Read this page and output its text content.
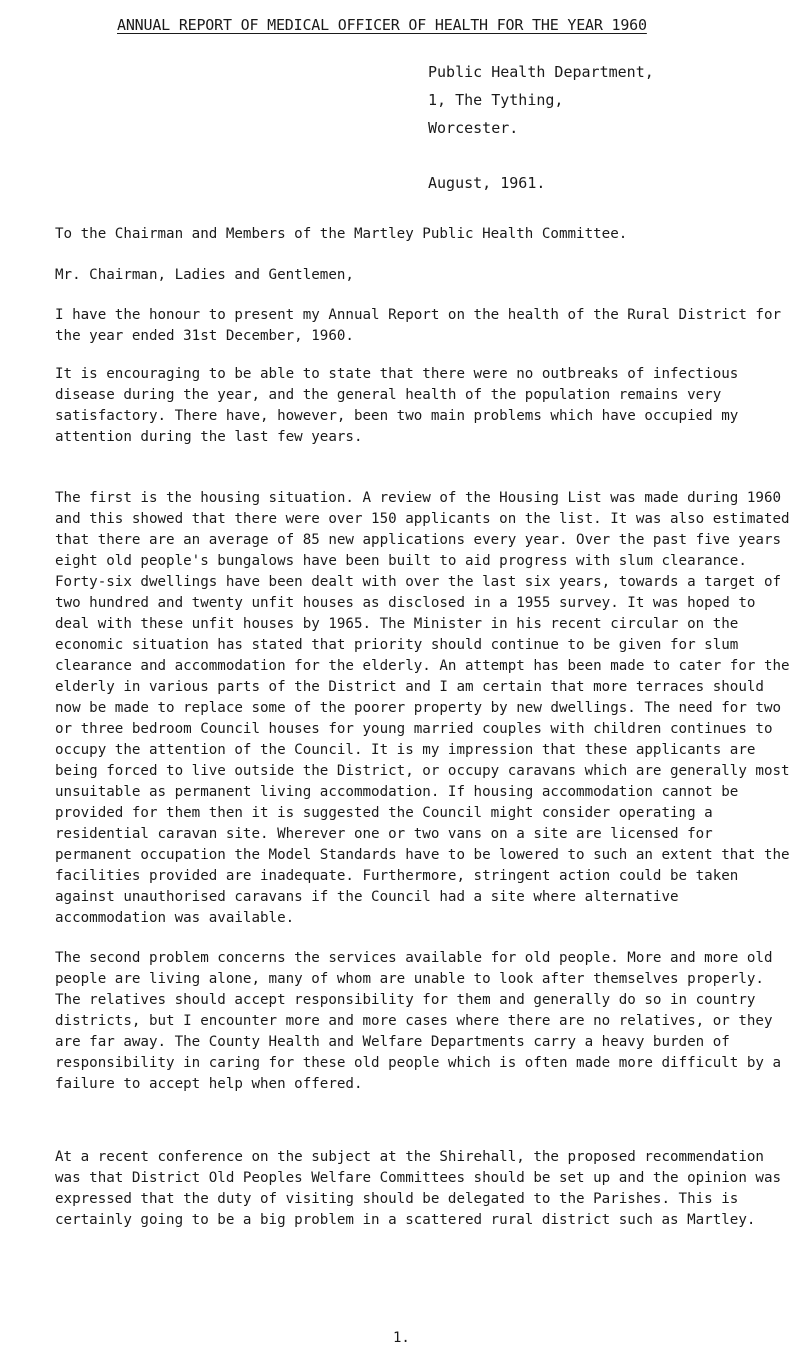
ANNUAL REPORT OF MEDICAL OFFICER OF HEALTH FOR THE YEAR 1960
Public Health Department,
1, The Tything,
Worcester.
August, 1961.
To the Chairman and Members of the Martley Public Health Committee.
Mr. Chairman, Ladies and Gentlemen,

I have the honour to present my Annual Report on the health of the Rural District for the year ended 31st December, 1960.

It is encouraging to be able to state that there were no outbreaks of infectious disease during the year, and the general health of the population remains very satisfactory. There have, however, been two main problems which have occupied my attention during the last few years.

The first is the housing situation. A review of the Housing List was made during 1960 and this showed that there were over 150 applicants on the list. It was also estimated that there are an average of 85 new applications every year. Over the past five years eight old people's bungalows have been built to aid progress with slum clearance. Forty-six dwellings have been dealt with over the last six years, towards a target of two hundred and twenty unfit houses as disclosed in a 1955 survey. It was hoped to deal with these unfit houses by 1965. The Minister in his recent circular on the economic situation has stated that priority should continue to be given for slum clearance and accommodation for the elderly. An attempt has been made to cater for the elderly in various parts of the District and I am certain that more terraces should now be made to replace some of the poorer property by new dwellings. The need for two or three bedroom Council houses for young married couples with children continues to occupy the attention of the Council. It is my impression that these applicants are being forced to live outside the District, or occupy caravans which are generally most unsuitable as permanent living accommodation. If housing accommodation cannot be provided for them then it is suggested the Council might consider operating a residential caravan site. Wherever one or two vans on a site are licensed for permanent occupation the Model Standards have to be lowered to such an extent that the facilities provided are inadequate. Furthermore, stringent action could be taken against unauthorised caravans if the Council had a site where alternative accommodation was available.

The second problem concerns the services available for old people. More and more old people are living alone, many of whom are unable to look after themselves properly. The relatives should accept responsibility for them and generally do so in country districts, but I encounter more and more cases where there are no relatives, or they are far away. The County Health and Welfare Departments carry a heavy burden of responsibility in caring for these old people which is often made more difficult by a failure to accept help when offered.

At a recent conference on the subject at the Shirehall, the proposed recommendation was that District Old Peoples Welfare Committees should be set up and the opinion was expressed that the duty of visiting should be delegated to the Parishes. This is certainly going to be a big problem in a scattered rural district such as Martley.

1.
